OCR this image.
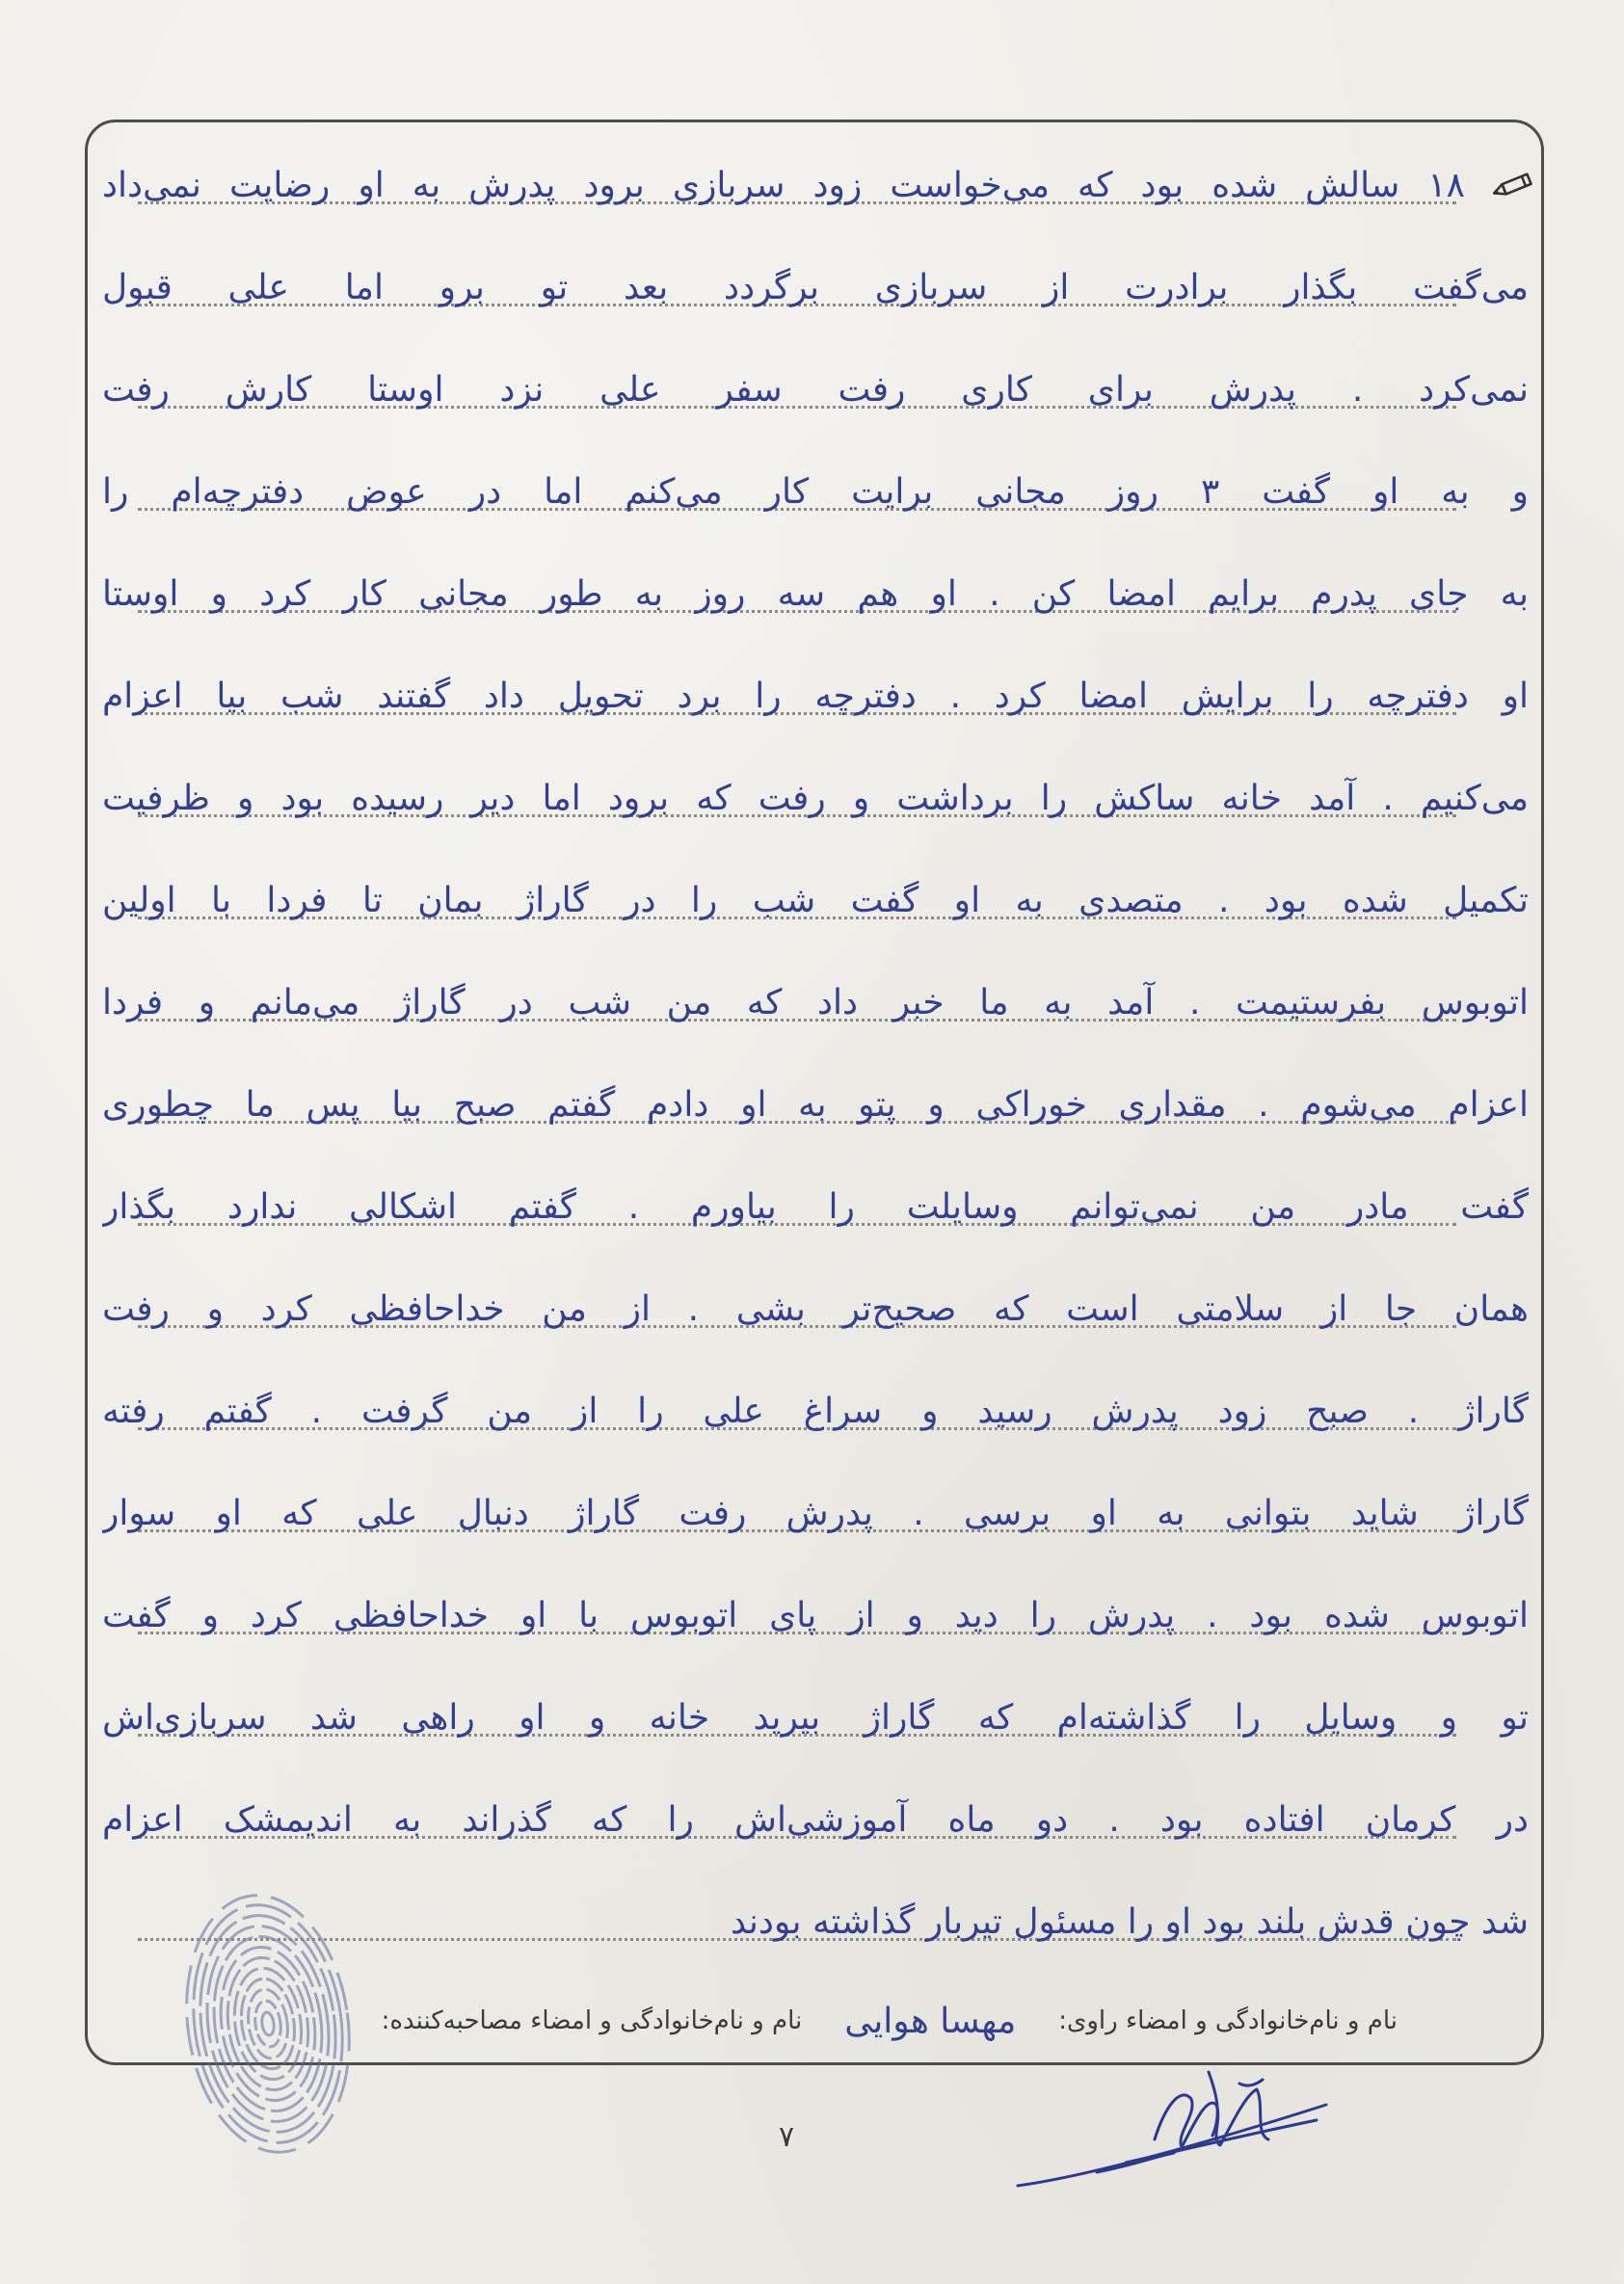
۱۸ سالش شده بود که می‌خواست زود سربازی برود پدرش به او رضایت نمی‌داد
می‌گفت بگذار برادرت از سربازی برگردد بعد تو برو اما علی قبول
نمی‌کرد . پدرش برای کاری رفت سفر علی نزد اوستا کارش رفت
و به او گفت ۳ روز مجانی برایت کار می‌کنم اما در عوض دفترچه‌ام را
به جای پدرم برایم امضا کن . او هم سه روز به طور مجانی کار کرد و اوستا
او دفترچه را برایش امضا کرد . دفترچه را برد تحویل داد گفتند شب بیا اعزام
می‌کنیم . آمد خانه ساکش را برداشت و رفت که برود اما دیر رسیده بود و ظرفیت
تکمیل شده بود . متصدی به او گفت شب را در گاراژ بمان تا فردا با اولین
اتوبوس بفرستیمت . آمد به ما خبر داد که من شب در گاراژ می‌مانم و فردا
اعزام می‌شوم . مقداری خوراکی و پتو به او دادم گفتم صبح بیا پس ما چطوری
گفت مادر من نمی‌توانم وسایلت را بیاورم . گفتم اشکالی ندارد بگذار
همان جا از سلامتی است که صحیح‌تر بشی . از من خداحافظی کرد و رفت
گاراژ . صبح زود پدرش رسید و سراغ علی را از من گرفت . گفتم رفته
گاراژ شاید بتوانی به او برسی . پدرش رفت گاراژ دنبال علی که او سوار
اتوبوس شده بود . پدرش را دید و از پای اتوبوس با او خداحافظی کرد و گفت
تو و وسایل را گذاشته‌ام که گاراژ بیرید خانه و او راهی شد سربازی‌اش
در کرمان افتاده بود . دو ماه آموزشی‌اش را که گذراند به اندیمشک اعزام
شد چون قدش بلند بود او را مسئول تیربار گذاشته بودند
نام و نام‌خانوادگی و امضاء راوی:
مهسا هوایی
نام و نام‌خانوادگی و امضاء مصاحبه‌کننده:
۷
